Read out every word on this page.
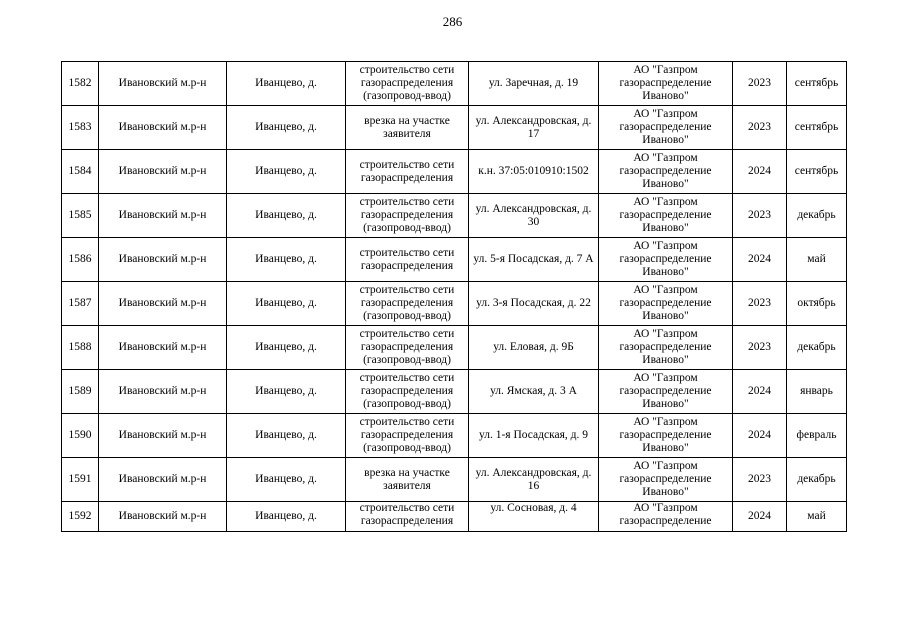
286
1582	Ивановский м.р-н	Иванцево, д.	строительство сети газораспределения (газопровод-ввод)	ул. Заречная, д. 19	АО "Газпром газораспределение Иваново"	2023	сентябрь
1583	Ивановский м.р-н	Иванцево, д.	врезка на участке заявителя	ул. Александровская, д. 17	АО "Газпром газораспределение Иваново"	2023	сентябрь
1584	Ивановский м.р-н	Иванцево, д.	строительство сети газораспределения	к.н. 37:05:010910:1502	АО "Газпром газораспределение Иваново"	2024	сентябрь
1585	Ивановский м.р-н	Иванцево, д.	строительство сети газораспределения (газопровод-ввод)	ул. Александровская, д. 30	АО "Газпром газораспределение Иваново"	2023	декабрь
1586	Ивановский м.р-н	Иванцево, д.	строительство сети газораспределения	ул. 5-я Посадская, д. 7 А	АО "Газпром газораспределение Иваново"	2024	май
1587	Ивановский м.р-н	Иванцево, д.	строительство сети газораспределения (газопровод-ввод)	ул. 3-я Посадская, д. 22	АО "Газпром газораспределение Иваново"	2023	октябрь
1588	Ивановский м.р-н	Иванцево, д.	строительство сети газораспределения (газопровод-ввод)	ул. Еловая, д. 9Б	АО "Газпром газораспределение Иваново"	2023	декабрь
1589	Ивановский м.р-н	Иванцево, д.	строительство сети газораспределения (газопровод-ввод)	ул. Ямская, д. 3 А	АО "Газпром газораспределение Иваново"	2024	январь
1590	Ивановский м.р-н	Иванцево, д.	строительство сети газораспределения (газопровод-ввод)	ул. 1-я Посадская, д. 9	АО "Газпром газораспределение Иваново"	2024	февраль
1591	Ивановский м.р-н	Иванцево, д.	врезка на участке заявителя	ул. Александровская, д. 16	АО "Газпром газораспределение Иваново"	2023	декабрь
1592	Ивановский м.р-н	Иванцево, д.	строительство сети газораспределения	ул. Сосновая, д. 4	АО "Газпром газораспределение	2024	май
